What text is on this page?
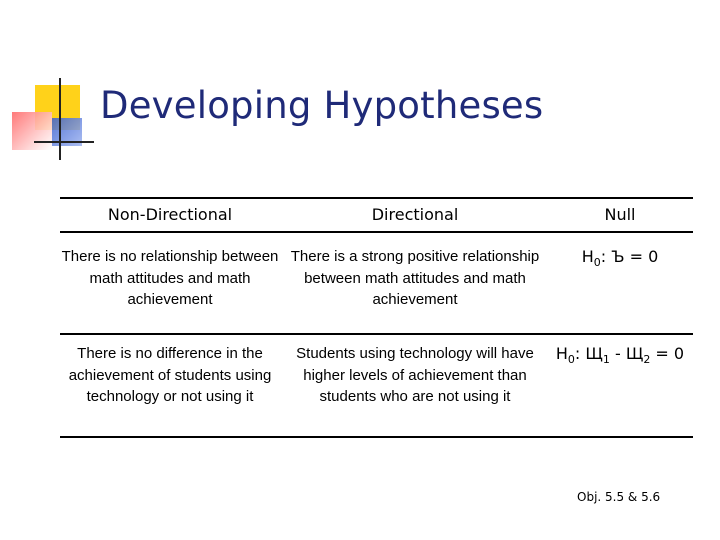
Developing Hypotheses
Non-Directional	Directional	Null
There is no relationship between math attitudes and math achievement
There is a strong positive relationship between math attitudes and math achievement
$H_0$: Ъ = 0
There is no difference in the achievement of students using technology or not using it
Students using technology will have higher levels of achievement than students who are not using it
$H_0$: $Щ_1 - Щ_2 = 0$
Obj. 5.5 & 5.6
